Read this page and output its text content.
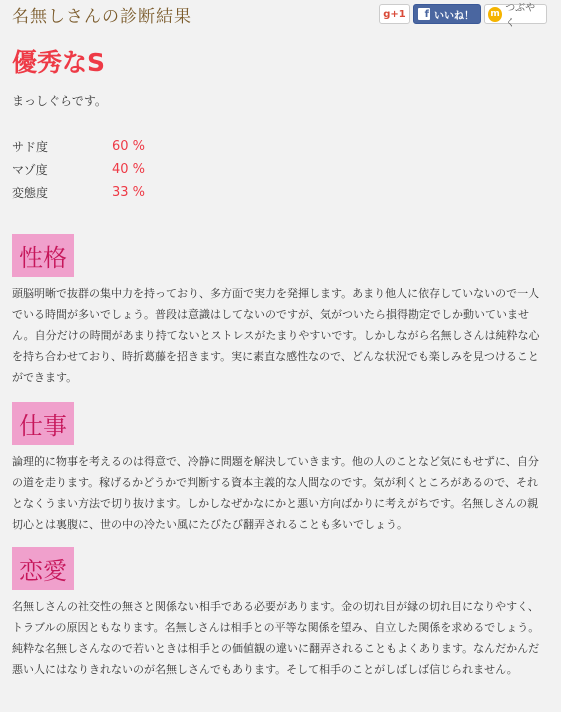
名無しさんの診断結果	g+1	f いいね！ m つぶやく
優秀なS
まっしぐらです。
サド度	60 %
マゾ度	40 %
変態度	33 %
性格
頭脳明晰で抜群の集中力を持っており、多方面で実力を発揮します。あまり他人に依存していないので一人でいる時間が多いでしょう。普段は意識はしてないのですが、気がついたら損得勘定でしか動いていません。自分だけの時間があまり持てないとストレスがたまりやすいです。しかしながら名無しさんは純粋な心を持ち合わせており、時折葛藤を招きます。実に素直な感性なので、どんな状況でも楽しみを見つけることができます。
仕事
論理的に物事を考えるのは得意で、冷静に問題を解決していきます。他の人のことなど気にもせずに、自分の道を走ります。稼げるかどうかで判断する資本主義的な人間なのです。気が利くところがあるので、それとなくうまい方法で切り抜けます。しかしなぜかなにかと悪い方向ばかりに考えがちです。名無しさんの親切心とは裏腹に、世の中の冷たい風にたびたび翻弄されることも多いでしょう。
恋愛
名無しさんの社交性の無さと関係ない相手である必要があります。金の切れ目が縁の切れ目になりやすく、トラブルの原因ともなります。名無しさんは相手との平等な関係を望み、自立した関係を求めるでしょう。純粋な名無しさんなので若いときは相手との価値観の違いに翻弄されることもよくあります。なんだかんだ悪い人にはなりきれないのが名無しさんでもあります。そして相手のことがしばしば信じられません。
